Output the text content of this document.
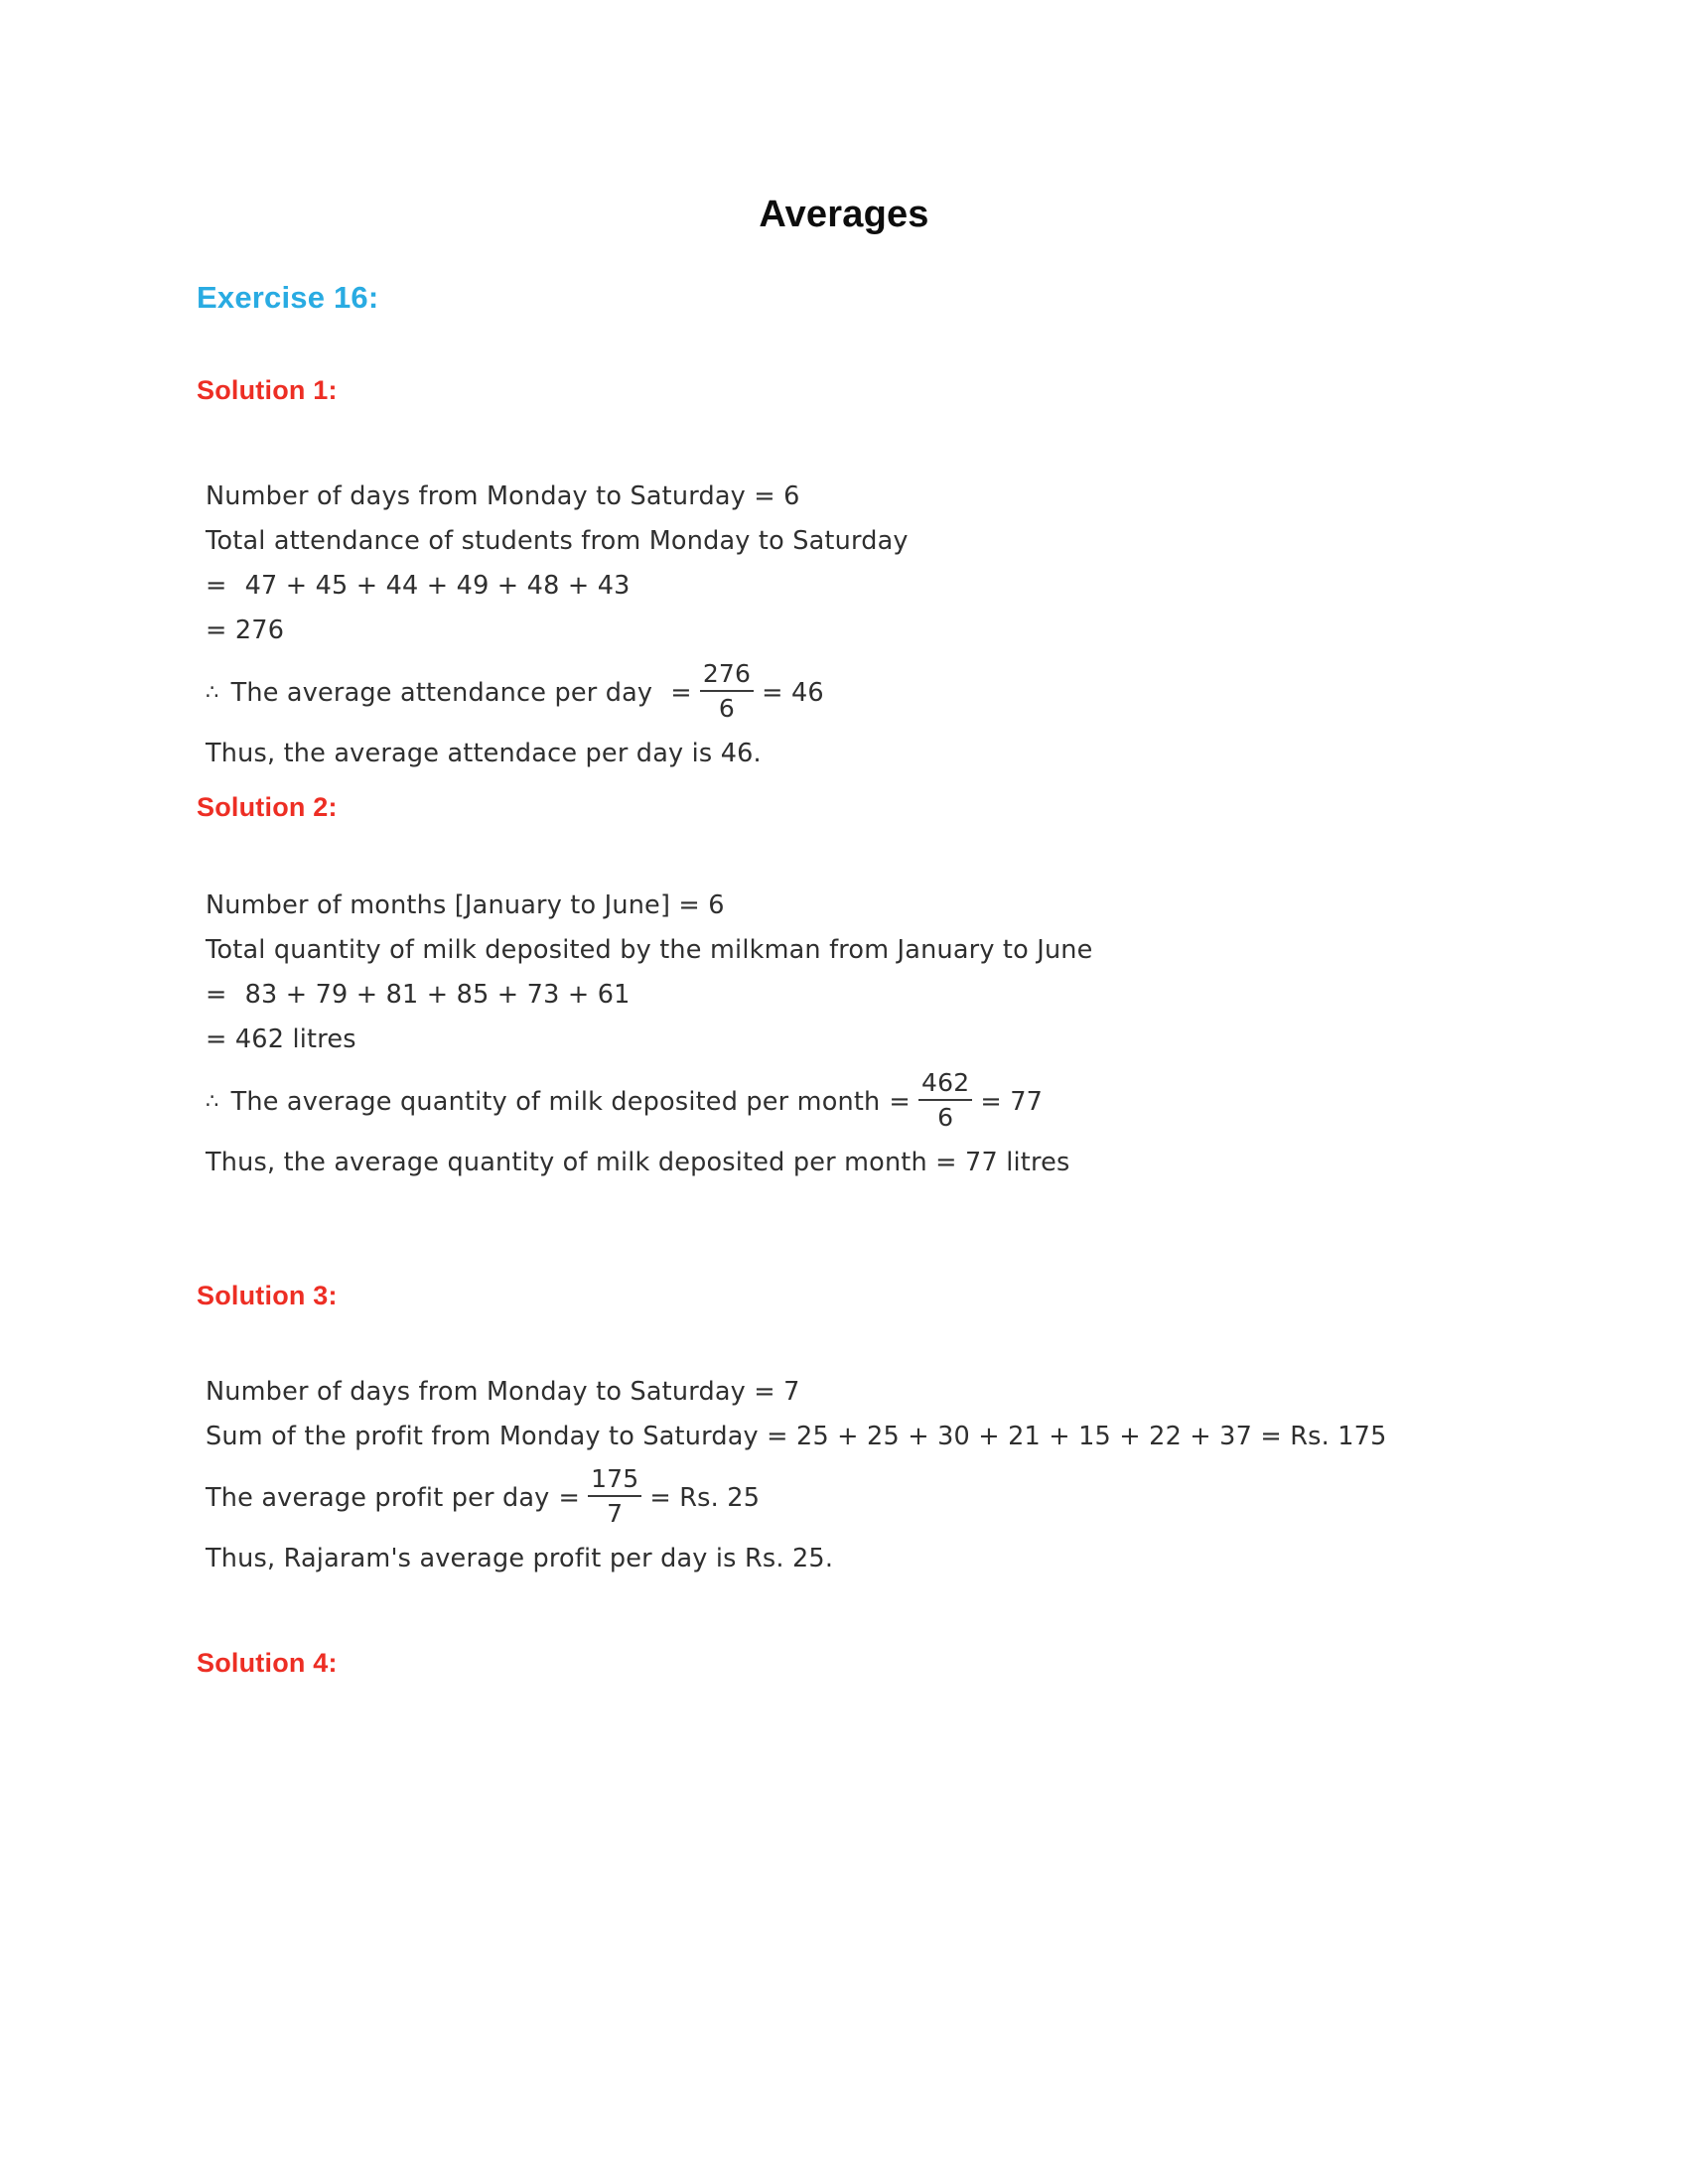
Averages
Exercise 16:
Solution 1:
Number of days from Monday to Saturday = 6
Total attendance of students from Monday to Saturday
= 47 + 45 + 44 + 49 + 48 + 43
= 276
∴ The average attendance per day = $\frac{276}{6} = 46$
Thus, the average attendace per day is 46.
Solution 2:
Number of months [January to June] = 6
Total quantity of milk deposited by the milkman from January to June
= 83 + 79 + 81 + 85 + 73 + 61
= 462 litres
∴ The average quantity of milk deposited per month = $\frac{462}{6} = 77$
Thus, the average quantity of milk deposited per month = 77 litres
Solution 3:
Number of days from Monday to Saturday = 7
Sum of the profit from Monday to Saturday = 25 + 25 + 30 + 21 + 15 + 22 + 37 = Rs. 175
The average profit per day = $\frac{175}{7} = Rs$. 25
Thus, Rajaram's average profit per day is Rs. 25.
Solution 4:
